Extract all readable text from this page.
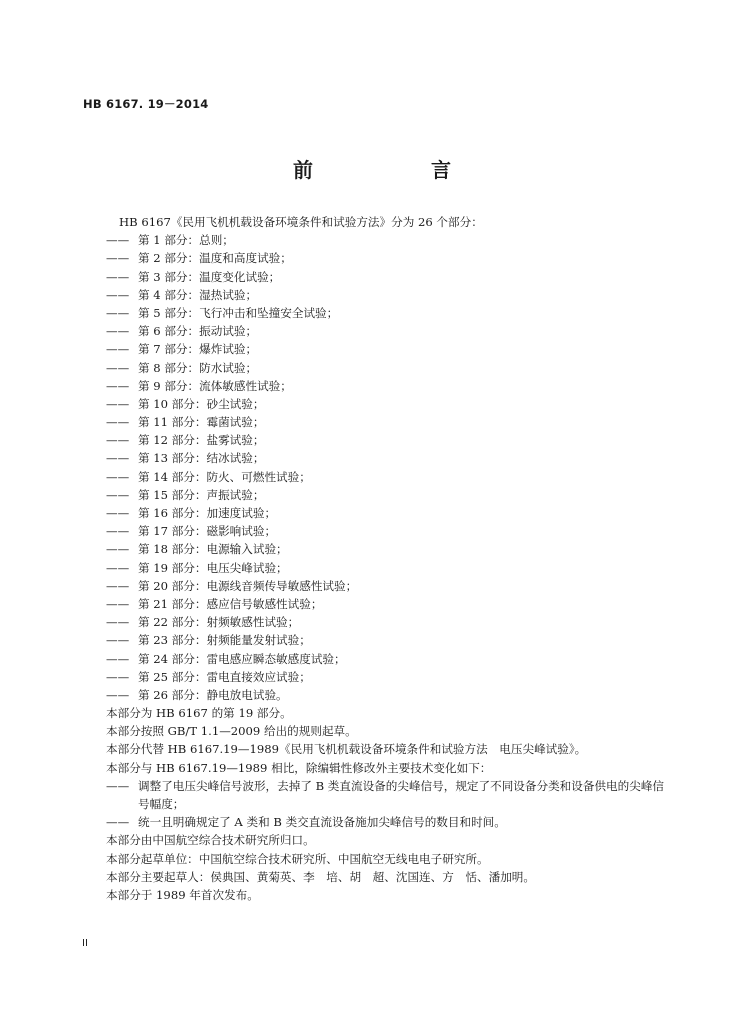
HB 6167. 19－2014

前　　言
HB 6167《民用飞机机载设备环境条件和试验方法》分为 26 个部分：
—— 第 1 部分：总则；
—— 第 2 部分：温度和高度试验；
—— 第 3 部分：温度变化试验；
—— 第 4 部分：湿热试验；
—— 第 5 部分：飞行冲击和坠撞安全试验；
—— 第 6 部分：振动试验；
—— 第 7 部分：爆炸试验；
—— 第 8 部分：防水试验；
—— 第 9 部分：流体敏感性试验；
—— 第 10 部分：砂尘试验；
—— 第 11 部分：霉菌试验；
—— 第 12 部分：盐雾试验；
—— 第 13 部分：结冰试验；
—— 第 14 部分：防火、可燃性试验；
—— 第 15 部分：声振试验；
—— 第 16 部分：加速度试验；
—— 第 17 部分：磁影响试验；
—— 第 18 部分：电源输入试验；
—— 第 19 部分：电压尖峰试验；
—— 第 20 部分：电源线音频传导敏感性试验；
—— 第 21 部分：感应信号敏感性试验；
—— 第 22 部分：射频敏感性试验；
—— 第 23 部分：射频能量发射试验；
—— 第 24 部分：雷电感应瞬态敏感度试验；
—— 第 25 部分：雷电直接效应试验；
—— 第 26 部分：静电放电试验。
本部分为 HB 6167 的第 19 部分。
本部分按照 GB/T 1.1—2009 给出的规则起草。
本部分代替 HB 6167.19—1989《民用飞机机载设备环境条件和试验方法　电压尖峰试验》。
本部分与 HB 6167.19—1989 相比，除编辑性修改外主要技术变化如下：
—— 调整了电压尖峰信号波形，去掉了 B 类直流设备的尖峰信号，规定了不同设备分类和设备供电的尖峰信号幅度；
—— 统一且明确规定了 A 类和 B 类交直流设备施加尖峰信号的数目和时间。
本部分由中国航空综合技术研究所归口。
本部分起草单位：中国航空综合技术研究所、中国航空无线电电子研究所。
本部分主要起草人：侯典国、黄菊英、李　培、胡　超、沈国连、方　恬、潘加明。
本部分于 1989 年首次发布。

II
